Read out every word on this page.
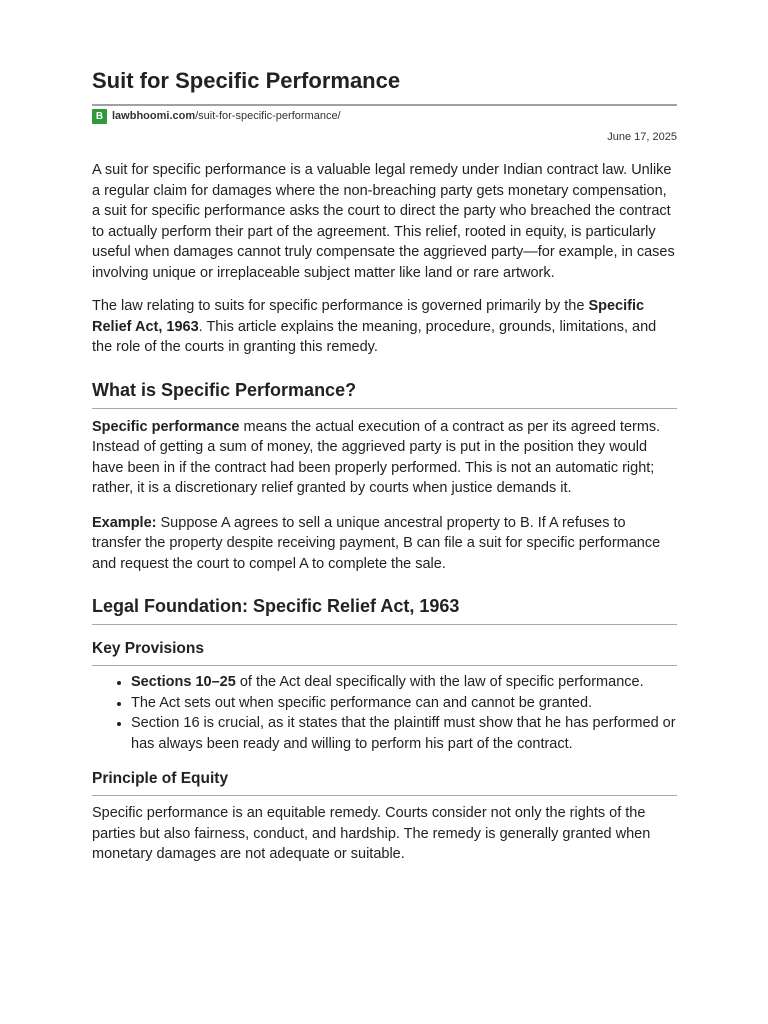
Suit for Specific Performance
B lawbhoomi.com /suit-for-specific-performance/
June 17, 2025

A suit for specific performance is a valuable legal remedy under Indian contract law. Unlike a regular claim for damages where the non-breaching party gets monetary compensation, a suit for specific performance asks the court to direct the party who breached the contract to actually perform their part of the agreement. This relief, rooted in equity, is particularly useful when damages cannot truly compensate the aggrieved party—for example, in cases involving unique or irreplaceable subject matter like land or rare artwork.

The law relating to suits for specific performance is governed primarily by the Specific Relief Act, 1963. This article explains the meaning, procedure, grounds, limitations, and the role of the courts in granting this remedy.

What is Specific Performance?

Specific performance means the actual execution of a contract as per its agreed terms. Instead of getting a sum of money, the aggrieved party is put in the position they would have been in if the contract had been properly performed. This is not an automatic right; rather, it is a discretionary relief granted by courts when justice demands it.

Example: Suppose A agrees to sell a unique ancestral property to B. If A refuses to transfer the property despite receiving payment, B can file a suit for specific performance and request the court to compel A to complete the sale.

Legal Foundation: Specific Relief Act, 1963
Key Provisions
• Sections 10–25 of the Act deal specifically with the law of specific performance.
• The Act sets out when specific performance can and cannot be granted.
• Section 16 is crucial, as it states that the plaintiff must show that he has performed or has always been ready and willing to perform his part of the contract.
Principle of Equity

Specific performance is an equitable remedy. Courts consider not only the rights of the parties but also fairness, conduct, and hardship. The remedy is generally granted when monetary damages are not adequate or suitable.
